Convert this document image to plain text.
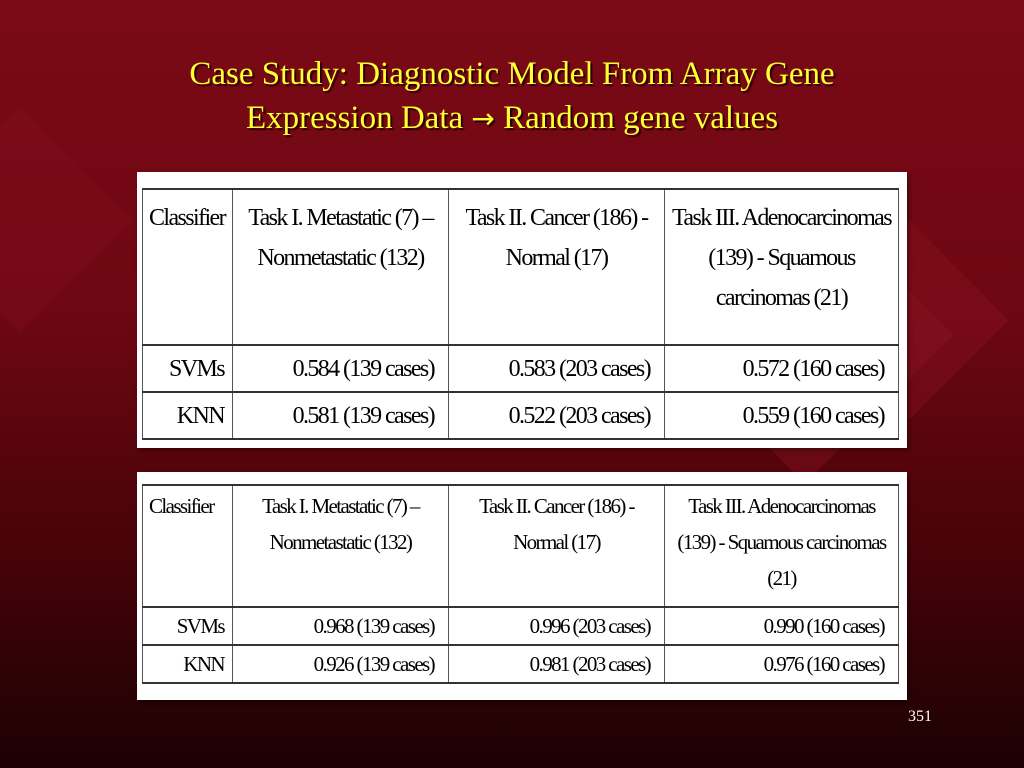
Case Study: Diagnostic Model From Array Gene
Expression Data → Random gene values
Classifier	Task I. Metastatic (7) – Nonmetastatic (132)	Task II. Cancer (186) - Normal (17)	Task III. Adenocarcinomas (139) - Squamous carcinomas (21)
SVMs	0.584 (139 cases)	0.583 (203 cases)	0.572 (160 cases)
KNN	0.581 (139 cases)	0.522 (203 cases)	0.559 (160 cases)
Classifier	Task I. Metastatic (7) – Nonmetastatic (132)	Task II. Cancer (186) - Normal (17)	Task III. Adenocarcinomas (139) - Squamous carcinomas (21)
SVMs	0.968 (139 cases)	0.996 (203 cases)	0.990 (160 cases)
KNN	0.926 (139 cases)	0.981 (203 cases)	0.976 (160 cases)
351
